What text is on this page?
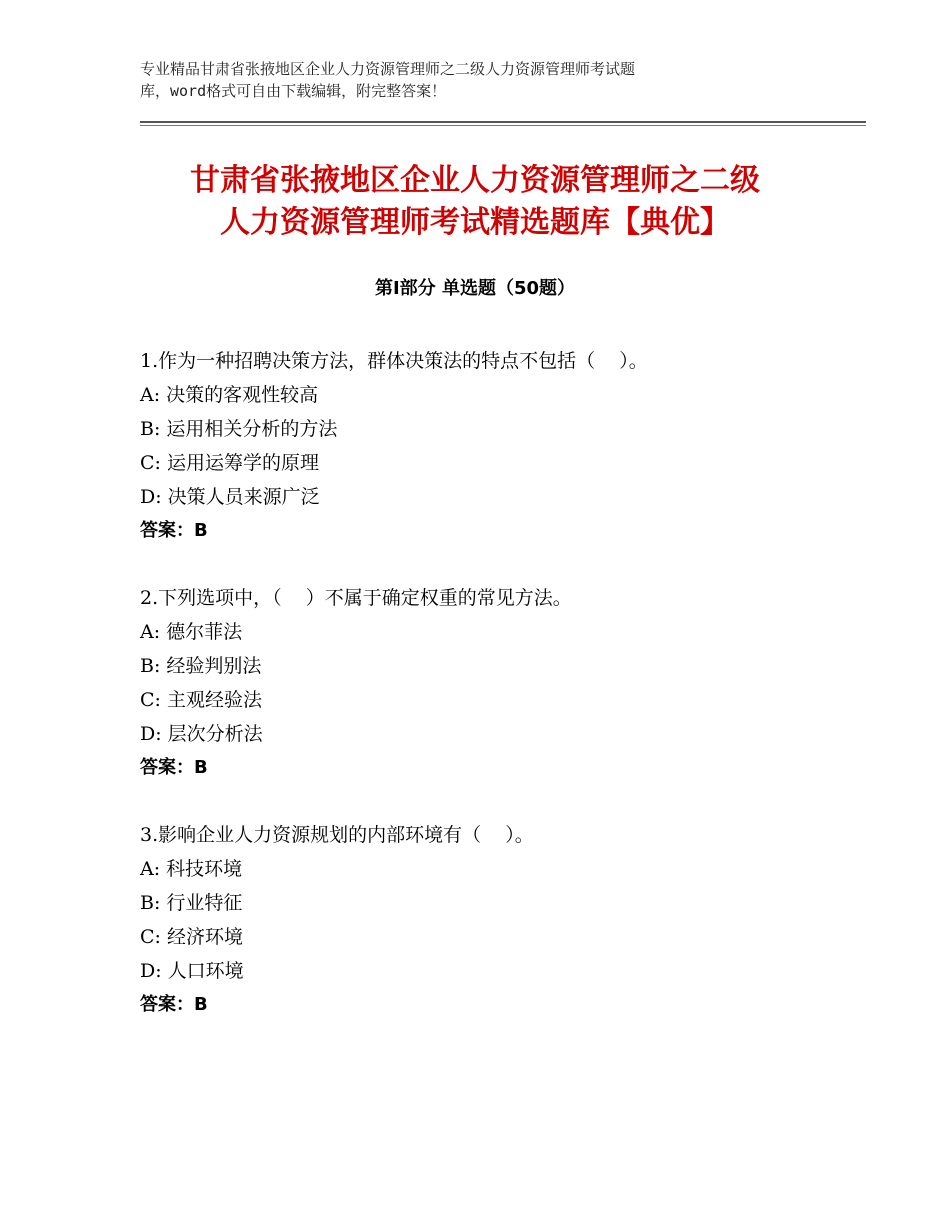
专业精品甘肃省张掖地区企业人力资源管理师之二级人力资源管理师考试题
库，word格式可自由下载编辑，附完整答案！
甘肃省张掖地区企业人力资源管理师之二级
人力资源管理师考试精选题库【典优】
第Ⅰ部分 单选题（50题）
1.作为一种招聘决策方法，群体决策法的特点不包括（    ）。
A: 决策的客观性较高
B: 运用相关分析的方法
C: 运用运筹学的原理
D: 决策人员来源广泛
答案：B
2.下列选项中，（    ）不属于确定权重的常见方法。
A: 德尔菲法
B: 经验判别法
C: 主观经验法
D: 层次分析法
答案：B
3.影响企业人力资源规划的内部环境有（    ）。
A: 科技环境
B: 行业特征
C: 经济环境
D: 人口环境
答案：B
